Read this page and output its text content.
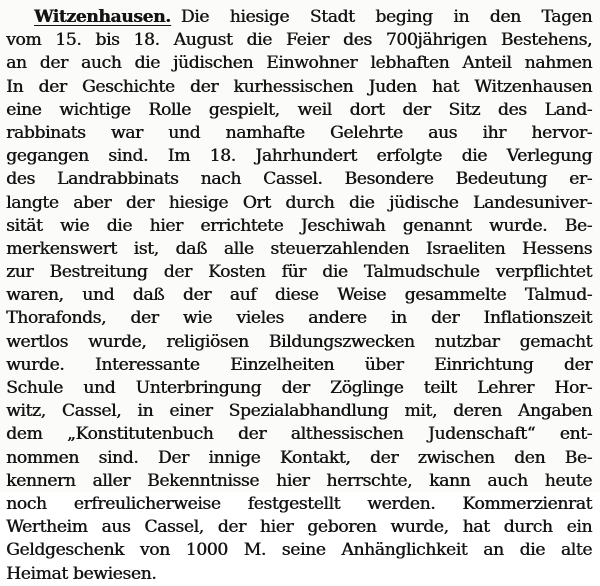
Witzenhausen. Die hiesige Stadt beging in den Tagen
vom 15. bis 18. August die Feier des 700jährigen Bestehens,
an der auch die jüdischen Einwohner lebhaften Anteil nahmen
In der Geschichte der kurhessischen Juden hat Witzenhausen
eine wichtige Rolle gespielt, weil dort der Sitz des Land-
rabbinats war und namhafte Gelehrte aus ihr hervor-
gegangen sind. Im 18. Jahrhundert erfolgte die Verlegung
des Landrabbinats nach Cassel. Besondere Bedeutung er-
langte aber der hiesige Ort durch die jüdische Landesuniver-
sität wie die hier errichtete Jeschiwah genannt wurde. Be-
merkenswert ist, daß alle steuerzahlenden Israeliten Hessens
zur Bestreitung der Kosten für die Talmudschule verpflichtet
waren, und daß der auf diese Weise gesammelte Talmud-
Thorafonds, der wie vieles andere in der Inflationszeit
wertlos wurde, religiösen Bildungszwecken nutzbar gemacht
wurde. Interessante Einzelheiten über Einrichtung der
Schule und Unterbringung der Zöglinge teilt Lehrer Hor-
witz, Cassel, in einer Spezialabhandlung mit, deren Angaben
dem „Konstitutenbuch der althessischen Judenschaft“ ent-
nommen sind. Der innige Kontakt, der zwischen den Be-
kennern aller Bekenntnisse hier herrschte, kann auch heute
noch erfreulicherweise festgestellt werden. Kommerzienrat
Wertheim aus Cassel, der hier geboren wurde, hat durch ein
Geldgeschenk von 1000 M. seine Anhänglichkeit an die alte
Heimat bewiesen.
